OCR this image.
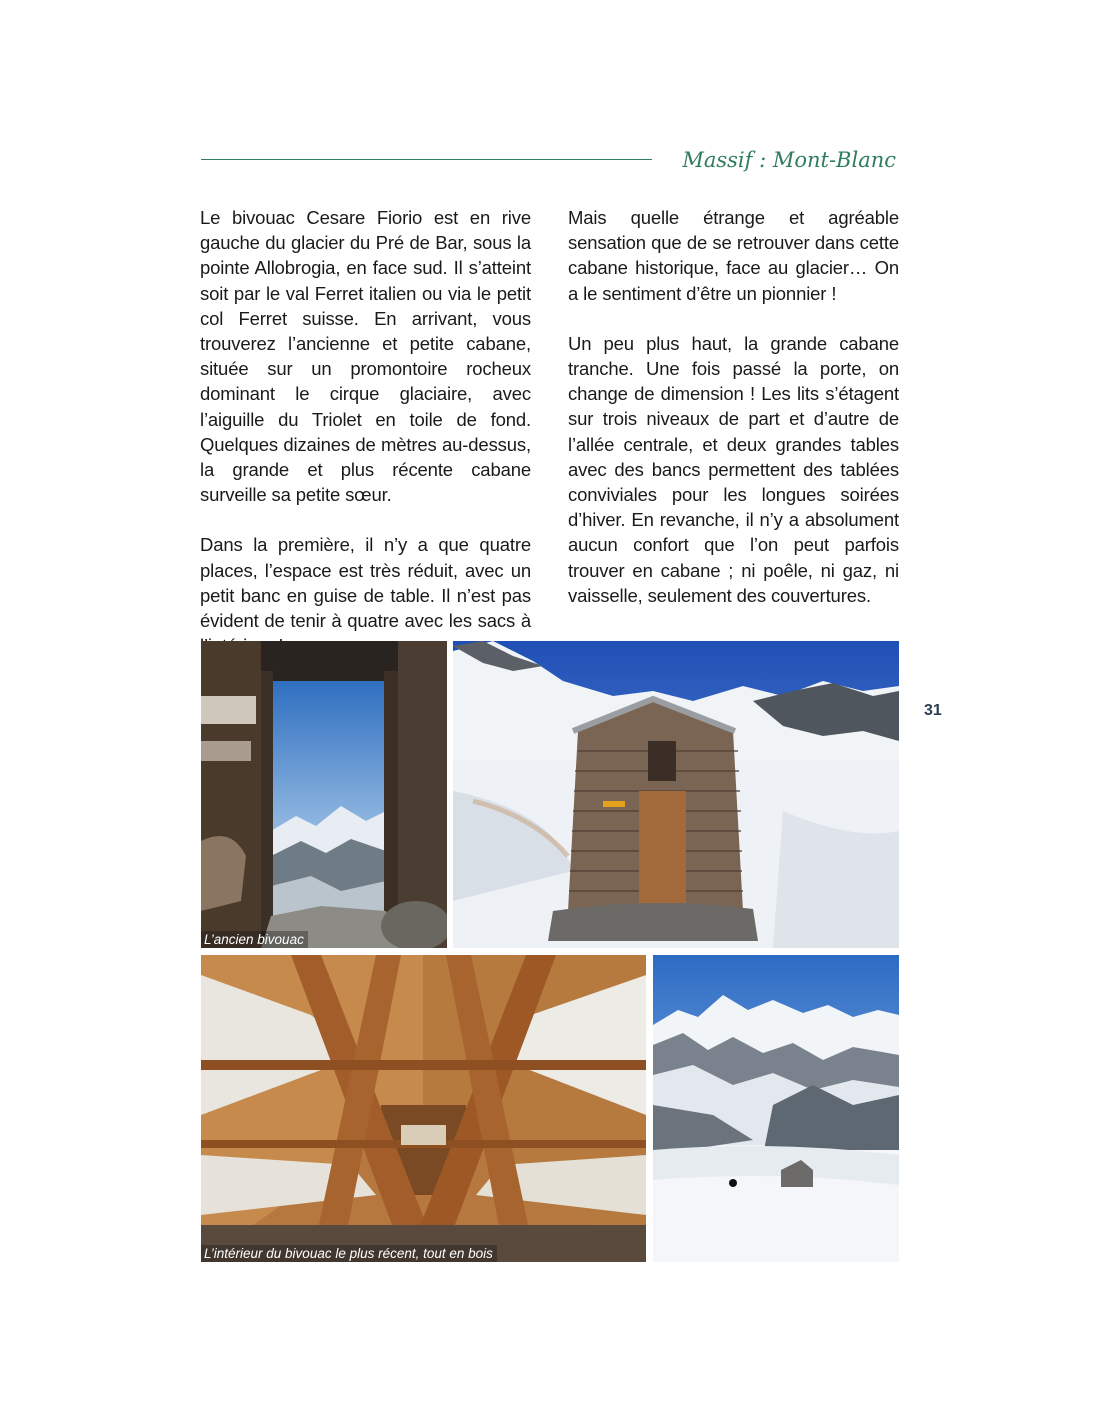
Massif : Mont-Blanc

Le bivouac Cesare Fiorio est en rive gauche du glacier du Pré de Bar, sous la pointe Allobrogia, en face sud. Il s’atteint soit par le val Ferret italien ou via le petit col Ferret suisse. En arrivant, vous trouverez l’ancienne et petite cabane, située sur un promontoire rocheux dominant le cirque glaciaire, avec l’aiguille du Triolet en toile de fond. Quelques dizaines de mètres au-dessus, la grande et plus récente cabane surveille sa petite sœur.

Dans la première, il n’y a que quatre places, l’espace est très réduit, avec un petit banc en guise de table. Il n’est pas évident de tenir à quatre avec les sacs à

Mais quelle étrange et agréable sensation que de se retrouver dans cette cabane historique, face au glacier… On a le sentiment d’être un pionnier !

Un peu plus haut, la grande cabane tranche. Une fois passé la porte, on change de dimension ! Les lits s’étagent sur trois niveaux de part et d’autre de l’allée centrale, et deux grandes tables avec des bancs permettent des tablées conviviales pour les longues soirées d’hiver. En revanche, il n’y a absolument aucun confort que l’on peut parfois trouver en cabane ; ni poêle, ni gaz, ni vaisselle, seulement des couvertures.

31
L’ancien bivouac
L’intérieur du bivouac le plus récent, tout en bois
